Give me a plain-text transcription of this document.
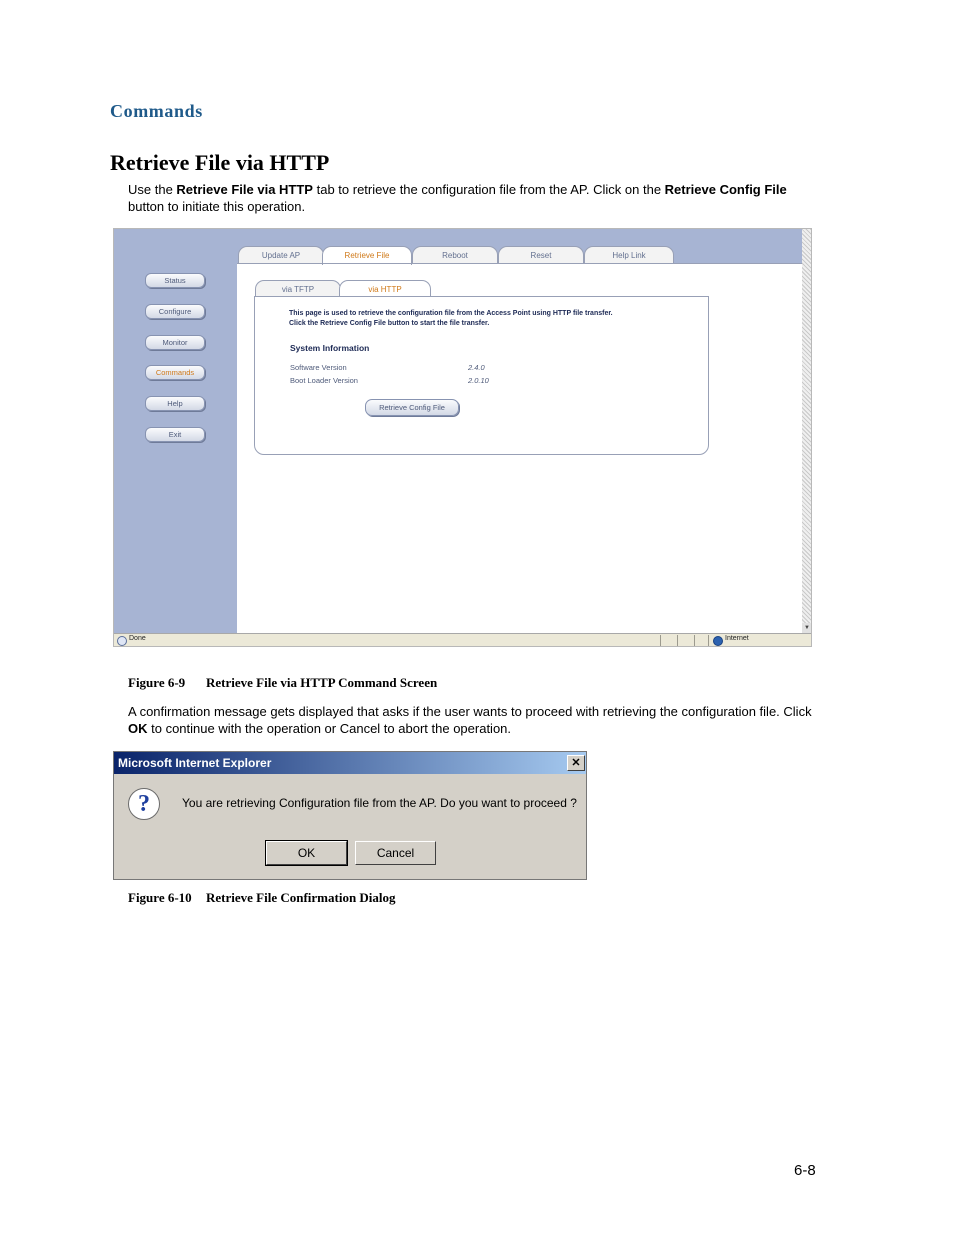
Commands
Retrieve File via HTTP
Use the Retrieve File via HTTP tab to retrieve the configuration file from the AP. Click on the Retrieve Config File button to initiate this operation.
Status
Configure
Monitor
Commands
Help
Exit
Update AP	Retrieve File	Reboot	Reset	Help Link
via TFTP	via HTTP
This page is used to retrieve the configuration file from the Access Point using HTTP file transfer. Click the Retrieve Config File button to start the file transfer.
System Information
Software Version	2.4.0
Boot Loader Version	2.0.10
Retrieve Config File
▼
Done	Internet
Figure 6-9 Retrieve File via HTTP Command Screen
A confirmation message gets displayed that asks if the user wants to proceed with retrieving the configuration file. Click OK to continue with the operation or Cancel to abort the operation.
Microsoft Internet Explorer	✕
?	You are retrieving Configuration file from the AP. Do you want to proceed ?
OK	Cancel
Figure 6-10 Retrieve File Confirmation Dialog
6-8
